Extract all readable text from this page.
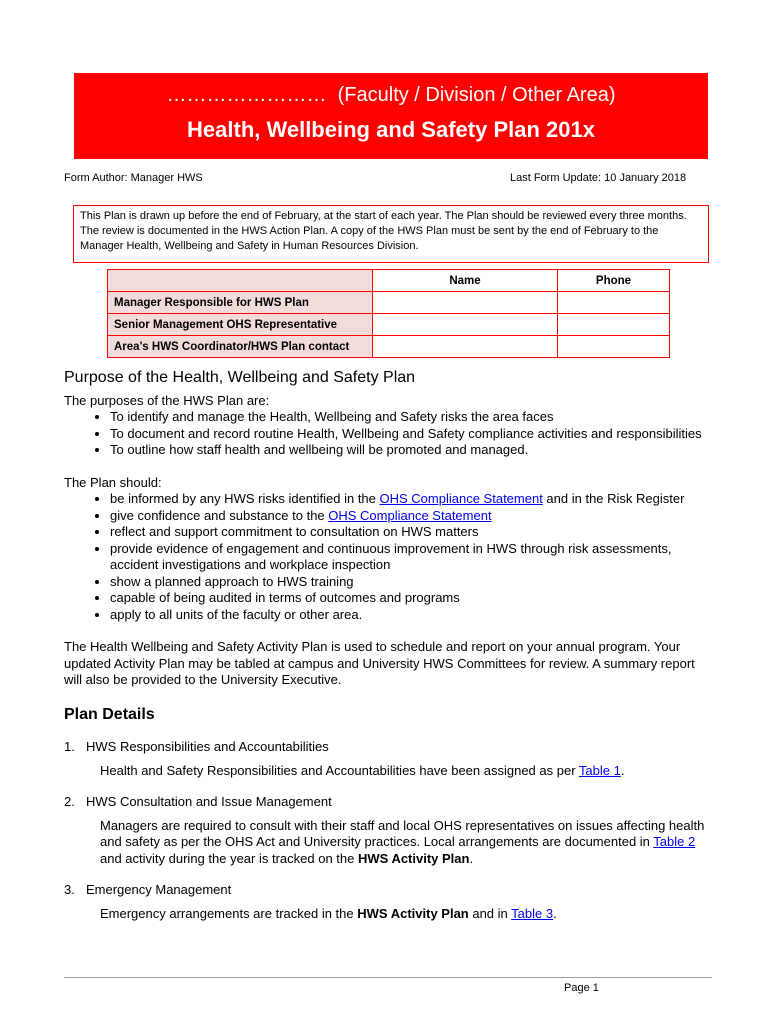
…………………… (Faculty / Division / Other Area)
Health, Wellbeing and Safety Plan 201x
Form Author: Manager HWS	Last Form Update: 10 January 2018
This Plan is drawn up before the end of February, at the start of each year. The Plan should be reviewed every three months. The review is documented in the HWS Action Plan. A copy of the HWS Plan must be sent by the end of February to the Manager Health, Wellbeing and Safety in Human Resources Division.
	Name	Phone
Manager Responsible for HWS Plan		
Senior Management OHS Representative		
Area's HWS Coordinator/HWS Plan contact		
Purpose of the Health, Wellbeing and Safety Plan

The purposes of the HWS Plan are:

• To identify and manage the Health, Wellbeing and Safety risks the area faces
• To document and record routine Health, Wellbeing and Safety compliance activities and responsibilities
• To outline how staff health and wellbeing will be promoted and managed.

The Plan should:

• be informed by any HWS risks identified in the OHS Compliance Statement and in the Risk Register
• give confidence and substance to the OHS Compliance Statement
• reflect and support commitment to consultation on HWS matters
• provide evidence of engagement and continuous improvement in HWS through risk assessments, accident investigations and workplace inspection
• show a planned approach to HWS training
• capable of being audited in terms of outcomes and programs
• apply to all units of the faculty or other area.

The Health Wellbeing and Safety Activity Plan is used to schedule and report on your annual program. Your updated Activity Plan may be tabled at campus and University HWS Committees for review. A summary report will also be provided to the University Executive.

Plan Details

1. HWS Responsibilities and Accountabilities

Health and Safety Responsibilities and Accountabilities have been assigned as per Table 1.

2. HWS Consultation and Issue Management

Managers are required to consult with their staff and local OHS representatives on issues affecting health and safety as per the OHS Act and University practices. Local arrangements are documented in Table 2 and activity during the year is tracked on the HWS Activity Plan.

3. Emergency Management

Emergency arrangements are tracked in the HWS Activity Plan and in Table 3.

Page 1
